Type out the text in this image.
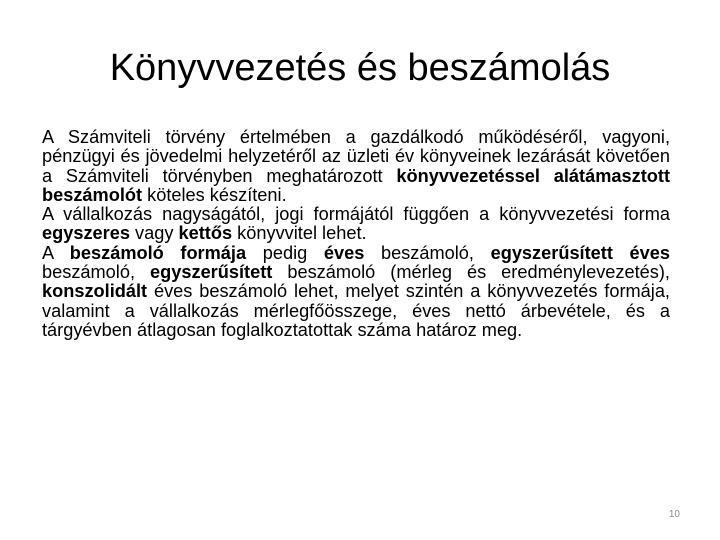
Könyvvezetés és beszámolás

A Számviteli törvény értelmében a gazdálkodó működéséről, vagyoni, pénzügyi és jövedelmi helyzetéről az üzleti év könyveinek lezárását követően a Számviteli törvényben meghatározott könyvvezetéssel alátámasztott beszámolót köteles készíteni.

A vállalkozás nagyságától, jogi formájától függően a könyvvezetési forma egyszeres vagy kettős könyvvitel lehet.

A beszámoló formája pedig éves beszámoló, egyszerűsített éves beszámoló, egyszerűsített beszámoló (mérleg és eredménylevezetés), konszolidált éves beszámoló lehet, melyet szintén a könyvvezetés formája, valamint a vállalkozás mérlegfőösszege, éves nettó árbevétele, és a tárgyévben átlagosan foglalkoztatottak száma határoz meg.

10
